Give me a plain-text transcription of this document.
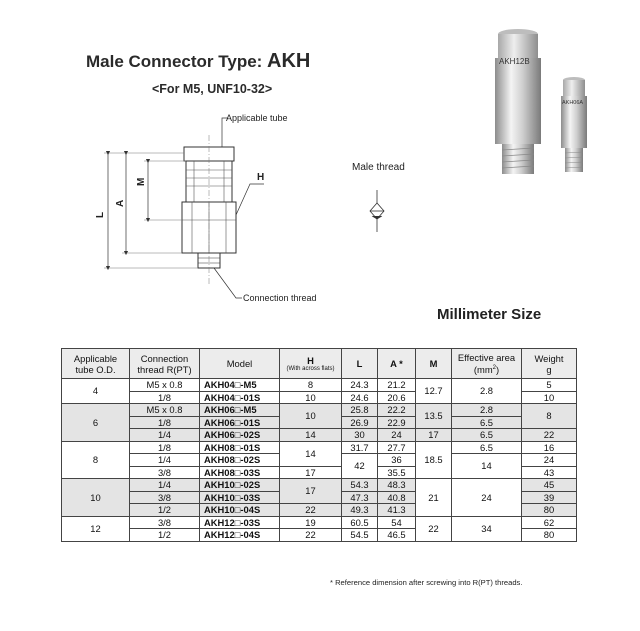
Male Connector Type: AKH
<For M5, UNF10-32>
Applicable tube
Connection thread
H
L
A
M
Male thread
AKH12B
AKH06A
Millimeter Size
Applicable
tube O.D.	Connection
thread R(PT)	Model	H
(With across flats)	L	A *	M	Effective area
$(mm^2)$	Weight
g
4	M5 x 0.8	AKH04□-M5	8	24.3	21.2	12.7	2.8	5
	1/8	AKH04□-01S	10	24.6	20.6			10
6	M5 x 0.8	AKH06□-M5	10	25.8	22.2	13.5	2.8	8
	1/8	AKH06□-01S		26.9	22.9		6.5	
	1/4	AKH06□-02S	14	30	24	17	6.5	22
8	1/8	AKH08□-01S	14	31.7	27.7	18.5	6.5	16
	1/4	AKH08□-02S		42	36		14	24
	3/8	AKH08□-03S	17		35.5			43
10	1/4	AKH10□-02S	17	54.3	48.3	21	24	45
	3/8	AKH10□-03S		47.3	40.8			39
	1/2	AKH10□-04S	22	49.3	41.3			80
12	3/8	AKH12□-03S	19	60.5	54	22	34	62
	1/2	AKH12□-04S	22	54.5	46.5			80
* Reference dimension after screwing into R(PT) threads.
